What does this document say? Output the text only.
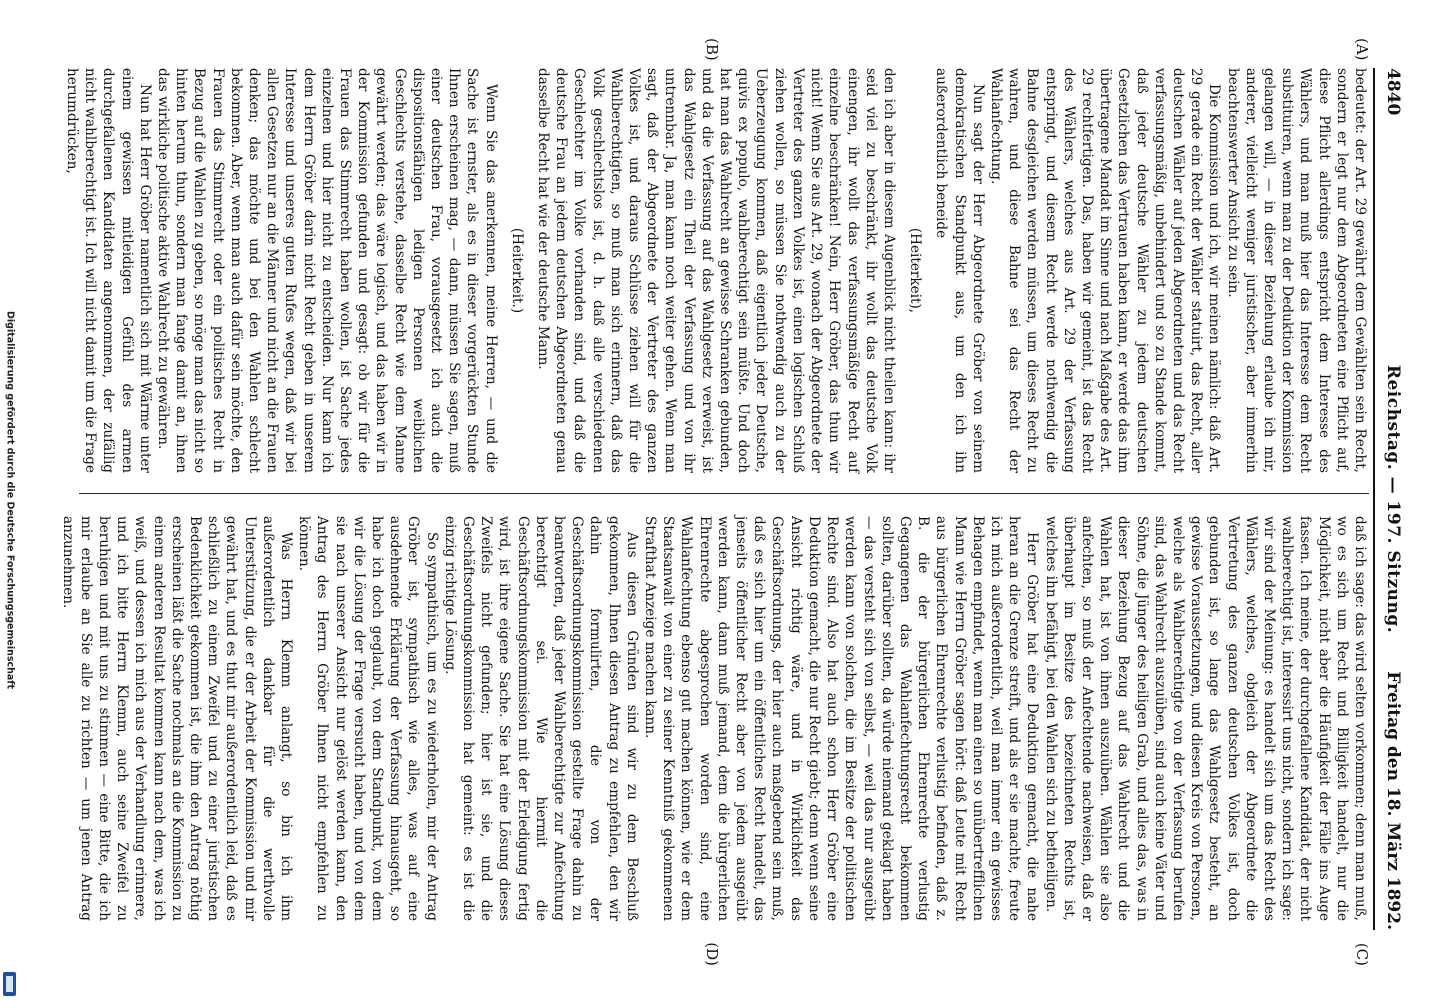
Digitalisierung gefördert durch die Deutsche Forschungsgemeinschaft
4840
Reichstag. — 197. Sitzung.
Freitag den 18. März 1892.
(A)
(B)
(C)
(D)

bedeutet: der Art. 29 gewährt dem Gewählten sein Recht, sondern er legt nur dem Abgeordneten eine Pflicht auf, diese Pflicht allerdings entspricht dem Interesse des Wählers, und man muß hier das Interesse dem Recht substituiren, wenn man zu der Deduktion der Kommission gelangen will, — in dieser Beziehung erlaube ich mir, anderer, vielleicht weniger juristischer, aber immerhin beachtenswerter Ansicht zu sein.

Die Kommission und ich, wir meinen nämlich: daß Art. 29 gerade ein Recht der Wähler statuirt, das Recht, aller deutschen Wähler auf jeden Abgeordneten und das Recht verfassungsmäßig, unbehindert und so zu Stande kommt, daß jeder deutsche Wähler zu jedem deutschen Gesetzlichen das Vertrauen haben kann, er werde das ihm übertragene Mandat im Sinne und nach Maßgabe des Art. 29 rechtfertigen. Das, haben wir gemeint, ist das Recht des Wählers, welches aus Art. 29 der Verfassung entspringt, und diesem Recht werde nothwendig die Bahne desgleichen werden müssen, um dieses Recht zu wahren, und diese Bahne sei das Recht der Wahlanfechtung.

Nun sagt der Herr Abgeordnete Gröber von seinem demokratischen Standpunkt aus, um den ich ihn außerordentlich beneide

(Heiterkeit),

den ich aber in diesem Augenblick nicht theilen kann: ihr seid viel zu beschränkt, ihr wollt das deutsche Volk einengen, ihr wollt das verfassungsmäßige Recht auf einzelne beschränken! Nein, Herr Gröber, das thun wir nicht! Wenn Sie aus Art. 29, wonach der Abgeordnete der Vertreter des ganzen Volkes ist, einen logischen Schluß ziehen wollen, so müssen Sie nothwendig auch zu der Ueberzeugung kommen, daß eigentlich jeder Deutsche, quivis ex populo, wahlberechtigt sein müßte. Und doch hat man das Wahlrecht an gewisse Schranken gebunden, und da die Verfassung auf das Wahlgesetz verweist, ist das Wahlgesetz ein Theil der Verfassung und von ihr untrennbar. Ja, man kann noch weiter gehen. Wenn man sagt, daß der Abgeordnete der Vertreter des ganzen Volkes ist, und daraus Schlüsse ziehen will für die Wahlberechtigten, so muß man sich erinnern, daß das Volk geschlechtslos ist, d. h. daß alle verschiedenen Geschlechter im Volke vorhanden sind, und daß die deutsche Frau an jedem deutschen Abgeordneten genau dasselbe Recht hat wie der deutsche Mann.

(Heiterkeit.)

Wenn Sie das anerkennen, meine Herren, — und die Sache ist ernster, als es in dieser vorgerückten Stunde Ihnen erscheinen mag, — dann, müssen Sie sagen, muß einer deutschen Frau, vorausgesetzt ich auch die dispositionsfähigen ledigen Personen weiblichen Geschlechts verstehe, dasselbe Recht wie dem Manne gewährt werden; das wäre logisch, und das haben wir in der Kommission gefunden und gesagt: ob wir für die Frauen das Stimmrecht haben wollen, ist Sache jedes einzelnen und hier nicht zu entscheiden. Nur kann ich dem Herrn Gröber darin nicht Recht geben in unserem Interesse und unseres guten Rufes wegen, daß wir bei allen Gesetzen nur an die Männer und nicht an die Frauen denken; das möchte und bei den Wahlen schlecht bekommen. Aber, wenn man auch dafür sein möchte, den Frauen das Stimmrecht oder ein politisches Recht in Bezug auf die Wahlen zu geben, so möge man das nicht so hinten herum thun, sondern man fange damit an, ihnen das wirkliche politische aktive Wahlrecht zu gewähren.

Nun hat Herr Gröber namentlich sich mit Wärme unter einem gewissen mitleidigen Gefühl des armen durchgefallenen Kandidaten angenommen, der zufällig nicht wahlberechtigt ist. Ich will nicht damit um die Frage herumdrücken,

daß ich sage: das wird selten vorkommen; denn man muß, wo es sich um Recht und Billigkeit handelt, nur die Möglichkeit, nicht aber die Häufigkeit der Fälle ins Auge fassen. Ich meine, der durchgefallene Kandidat, der nicht wahlberechtigt ist, interessirt uns nicht, sondern ich sage: wir sind der Meinung: es handelt sich um das Recht des Wählers, welches, obgleich der Abgeordnete die Vertretung des ganzen deutschen Volkes ist, doch gebunden ist, so lange das Wahlgesetz besteht, an gewisse Voraussetzungen, und diesen Kreis von Personen, welche als Wahlberechtigte von der Verfassung berufen sind, das Wahlrecht auszuüben, sind auch keine Väter und Söhne, die Jünger des heiligen Grab, und alles das, was in dieser Beziehung Bezug auf das Wahlrecht und die Wahlen hat, ist von ihnen auszuüben. Wählen sie also anfechten, so muß der Anfechtende nachweisen, daß er überhaupt im Besitze des bezeichneten Rechts ist, welches ihn befähigt, bei den Wahlen sich zu betheiligen.

Herr Gröber hat eine Deduktion gemacht, die nahe heran an die Grenze streift, und als er sie machte, freute ich mich außerordentlich, weil man immer ein gewisses Behagen empfindet, wenn man einen so unübertrefflichen Mann wie Herrn Gröber sagen hört: daß Leute mit Recht aus bürgerlichen Ehrenrechte verlustig befinden, daß z. B. die der bürgerlichen Ehrenrechte verlustig Gegangenen das Wahlanfechtungsrecht bekommen sollten, darüber sollten, da würde niemand geklagt haben — das versteht sich von selbst, — weil das nur ausgeübt werden kann von solchen, die im Besitze der politischen Rechte sind. Also hat auch schon Herr Gröber eine Deduktion gemacht, die nur Recht giebt; denn wenn seine Ansicht richtig wäre, und in Wirklichkeit das Geschäftsordnungs, der hier auch maßgebend sein muß, daß es sich hier um ein öffentliches Recht handelt, das jenseits öffentlicher Recht aber von jedem ausgeübt werden kann, dann muß jemand, dem die bürgerlichen Ehrenrechte abgesprochen worden sind, eine Wahlanfechtung ebenso gut machen können, wie er dem Staatsanwalt von einer zu seiner Kenntniß gekommenen Strafthat Anzeige machen kann.

Aus diesen Gründen sind wir zu dem Beschluß gekommen, Ihnen diesen Antrag zu empfehlen, den wir dahin formulirten, die von der Geschäftsordnungskommission gestellte Frage dahin zu beantworten, daß jeder Wahlberechtigte zur Anfechtung berechtigt sei. Wie hiermit die Geschäftsordnungskommission mit der Erledigung fertig wird, ist ihre eigene Sache. Sie hat eine Lösung dieses Zweifels nicht gefunden; hier ist sie, und die Geschäftsordnungskommission hat gemeint: es ist die einzig richtige Lösung.

So sympathisch, um es zu wiederholen, mir der Antrag Gröber ist, sympathisch wie alles, was auf eine ausdehnende Erklärung der Verfassung hinausgeht, so habe ich doch geglaubt, von dem Standpunkt, von dem wir die Lösung der Frage versucht haben, und von dem sie nach unserer Ansicht nur gelöst werden kann, den Antrag des Herrn Gröber Ihnen nicht empfehlen zu können.

Was Herrn Klemm anlangt, so bin ich ihm außerordentlich dankbar für die werthvolle Unterstützung, die er der Arbeit der Kommission und mir gewährt hat, und es thut mir außerordentlich leid, daß es schließlich zu einem Zweifel und zu einer juristischen Bedenklichkeit gekommen ist, die ihm den Antrag nöthig erscheinen läßt die Sache nochmals an die Kommission zu einem anderen Resultat kommen kann nach dem, was ich weiß, und dessen ich mich aus der Verhandlung erinnere, und ich bitte Herrn Klemm, auch seine Zweifel zu beruhigen und mit uns zu stimmen — eine Bitte, die ich mir erlaube an Sie alle zu richten — um jenen Antrag anzunehmen.
